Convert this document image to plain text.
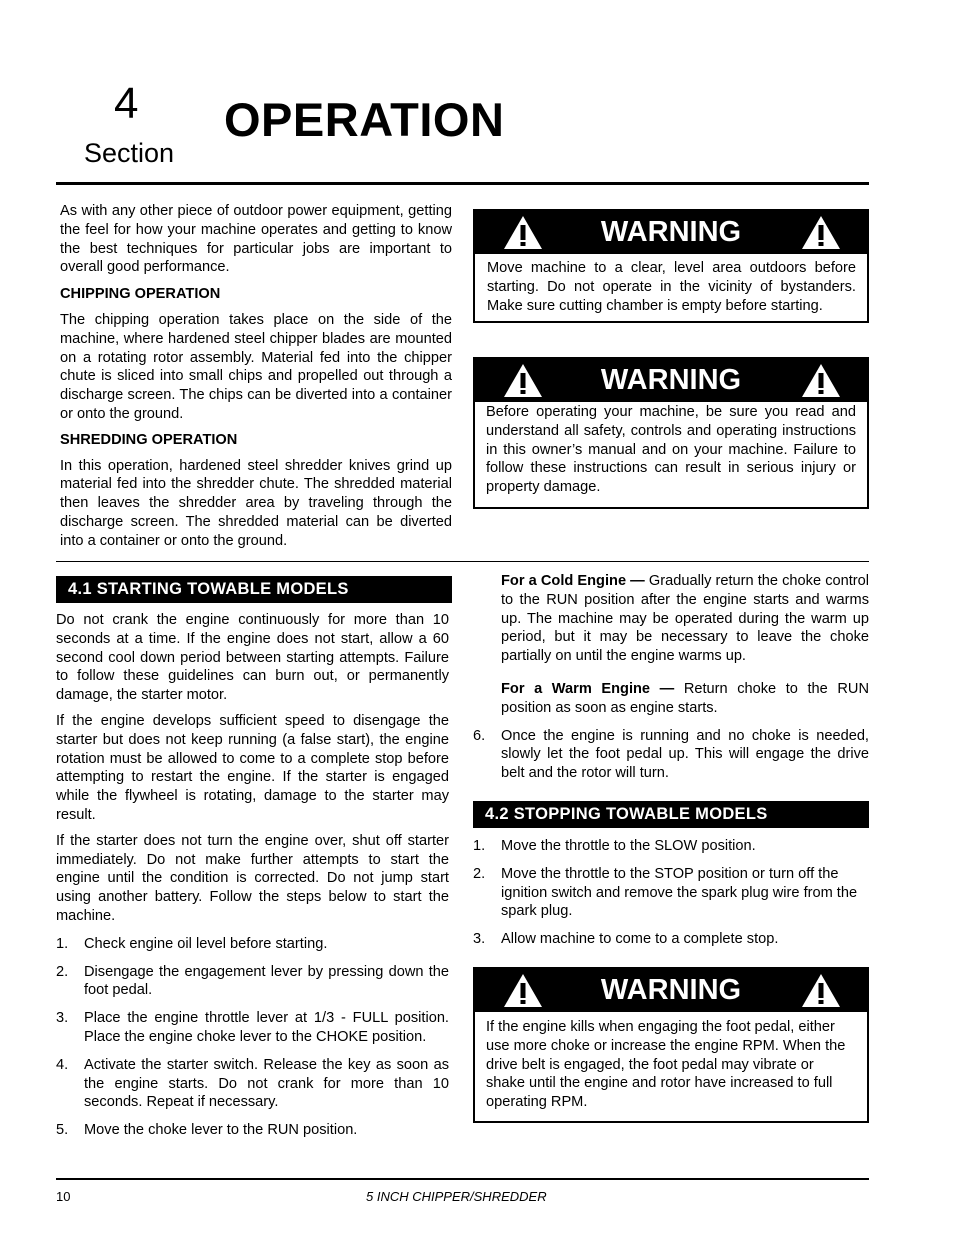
4
Section
OPERATION

As with any other piece of outdoor power equipment, getting the feel for how your machine operates and getting to know the best techniques for particular jobs are important to overall good performance.

CHIPPING OPERATION

The chipping operation takes place on the side of the machine, where hardened steel chipper blades are mounted on a rotating rotor assembly. Material fed into the chipper chute is sliced into small chips and propelled out through a discharge screen. The chips can be diverted into a container or onto the ground.

SHREDDING OPERATION

In this operation, hardened steel shredder knives grind up material fed into the shredder chute. The shredded material then leaves the shredder area by traveling through the discharge screen. The shredded material can be diverted into a container or onto the ground.

WARNING

Move machine to a clear, level area outdoors before starting. Do not operate in the vicinity of bystanders. Make sure cutting chamber is empty before starting.

WARNING

Before operating your machine, be sure you read and understand all safety, controls and operating instructions in this owner’s manual and on your machine. Failure to follow these instructions can result in serious injury or property damage.

4.1 STARTING TOWABLE MODELS

Do not crank the engine continuously for more than 10 seconds at a time. If the engine does not start, allow a 60 second cool down period between starting attempts. Failure to follow these guidelines can burn out, or permanently damage, the starter motor.

If the engine develops sufficient speed to disengage the starter but does not keep running (a false start), the engine rotation must be allowed to come to a complete stop before attempting to restart the engine. If the starter is engaged while the flywheel is rotating, damage to the starter may result.

If the starter does not turn the engine over, shut off starter immediately. Do not make further attempts to start the engine until the condition is corrected. Do not jump start using another battery. Follow the steps below to start the machine.

1. Check engine oil level before starting.
2. Disengage the engagement lever by pressing down the foot pedal.
3. Place the engine throttle lever at 1/3 - FULL position. Place the engine choke lever to the CHOKE position.
4. Activate the starter switch. Release the key as soon as the engine starts. Do not crank for more than 10 seconds. Repeat if necessary.
5. Move the choke lever to the RUN position.

For a Cold Engine — Gradually return the choke control to the RUN position after the engine starts and warms up. The machine may be operated during the warm up period, but it may be necessary to leave the choke partially on until the engine warms up.

For a Warm Engine — Return choke to the RUN position as soon as engine starts.

6. Once the engine is running and no choke is needed, slowly let the foot pedal up. This will engage the drive belt and the rotor will turn.
4.2 STOPPING TOWABLE MODELS
1. Move the throttle to the SLOW position.
2. Move the throttle to the STOP position or turn off the ignition switch and remove the spark plug wire from the spark plug.
3. Allow machine to come to a complete stop.
WARNING

If the engine kills when engaging the foot pedal, either use more choke or increase the engine RPM. When the drive belt is engaged, the foot pedal may vibrate or shake until the engine and rotor have increased to full operating RPM.

10	5 INCH CHIPPER/SHREDDER
